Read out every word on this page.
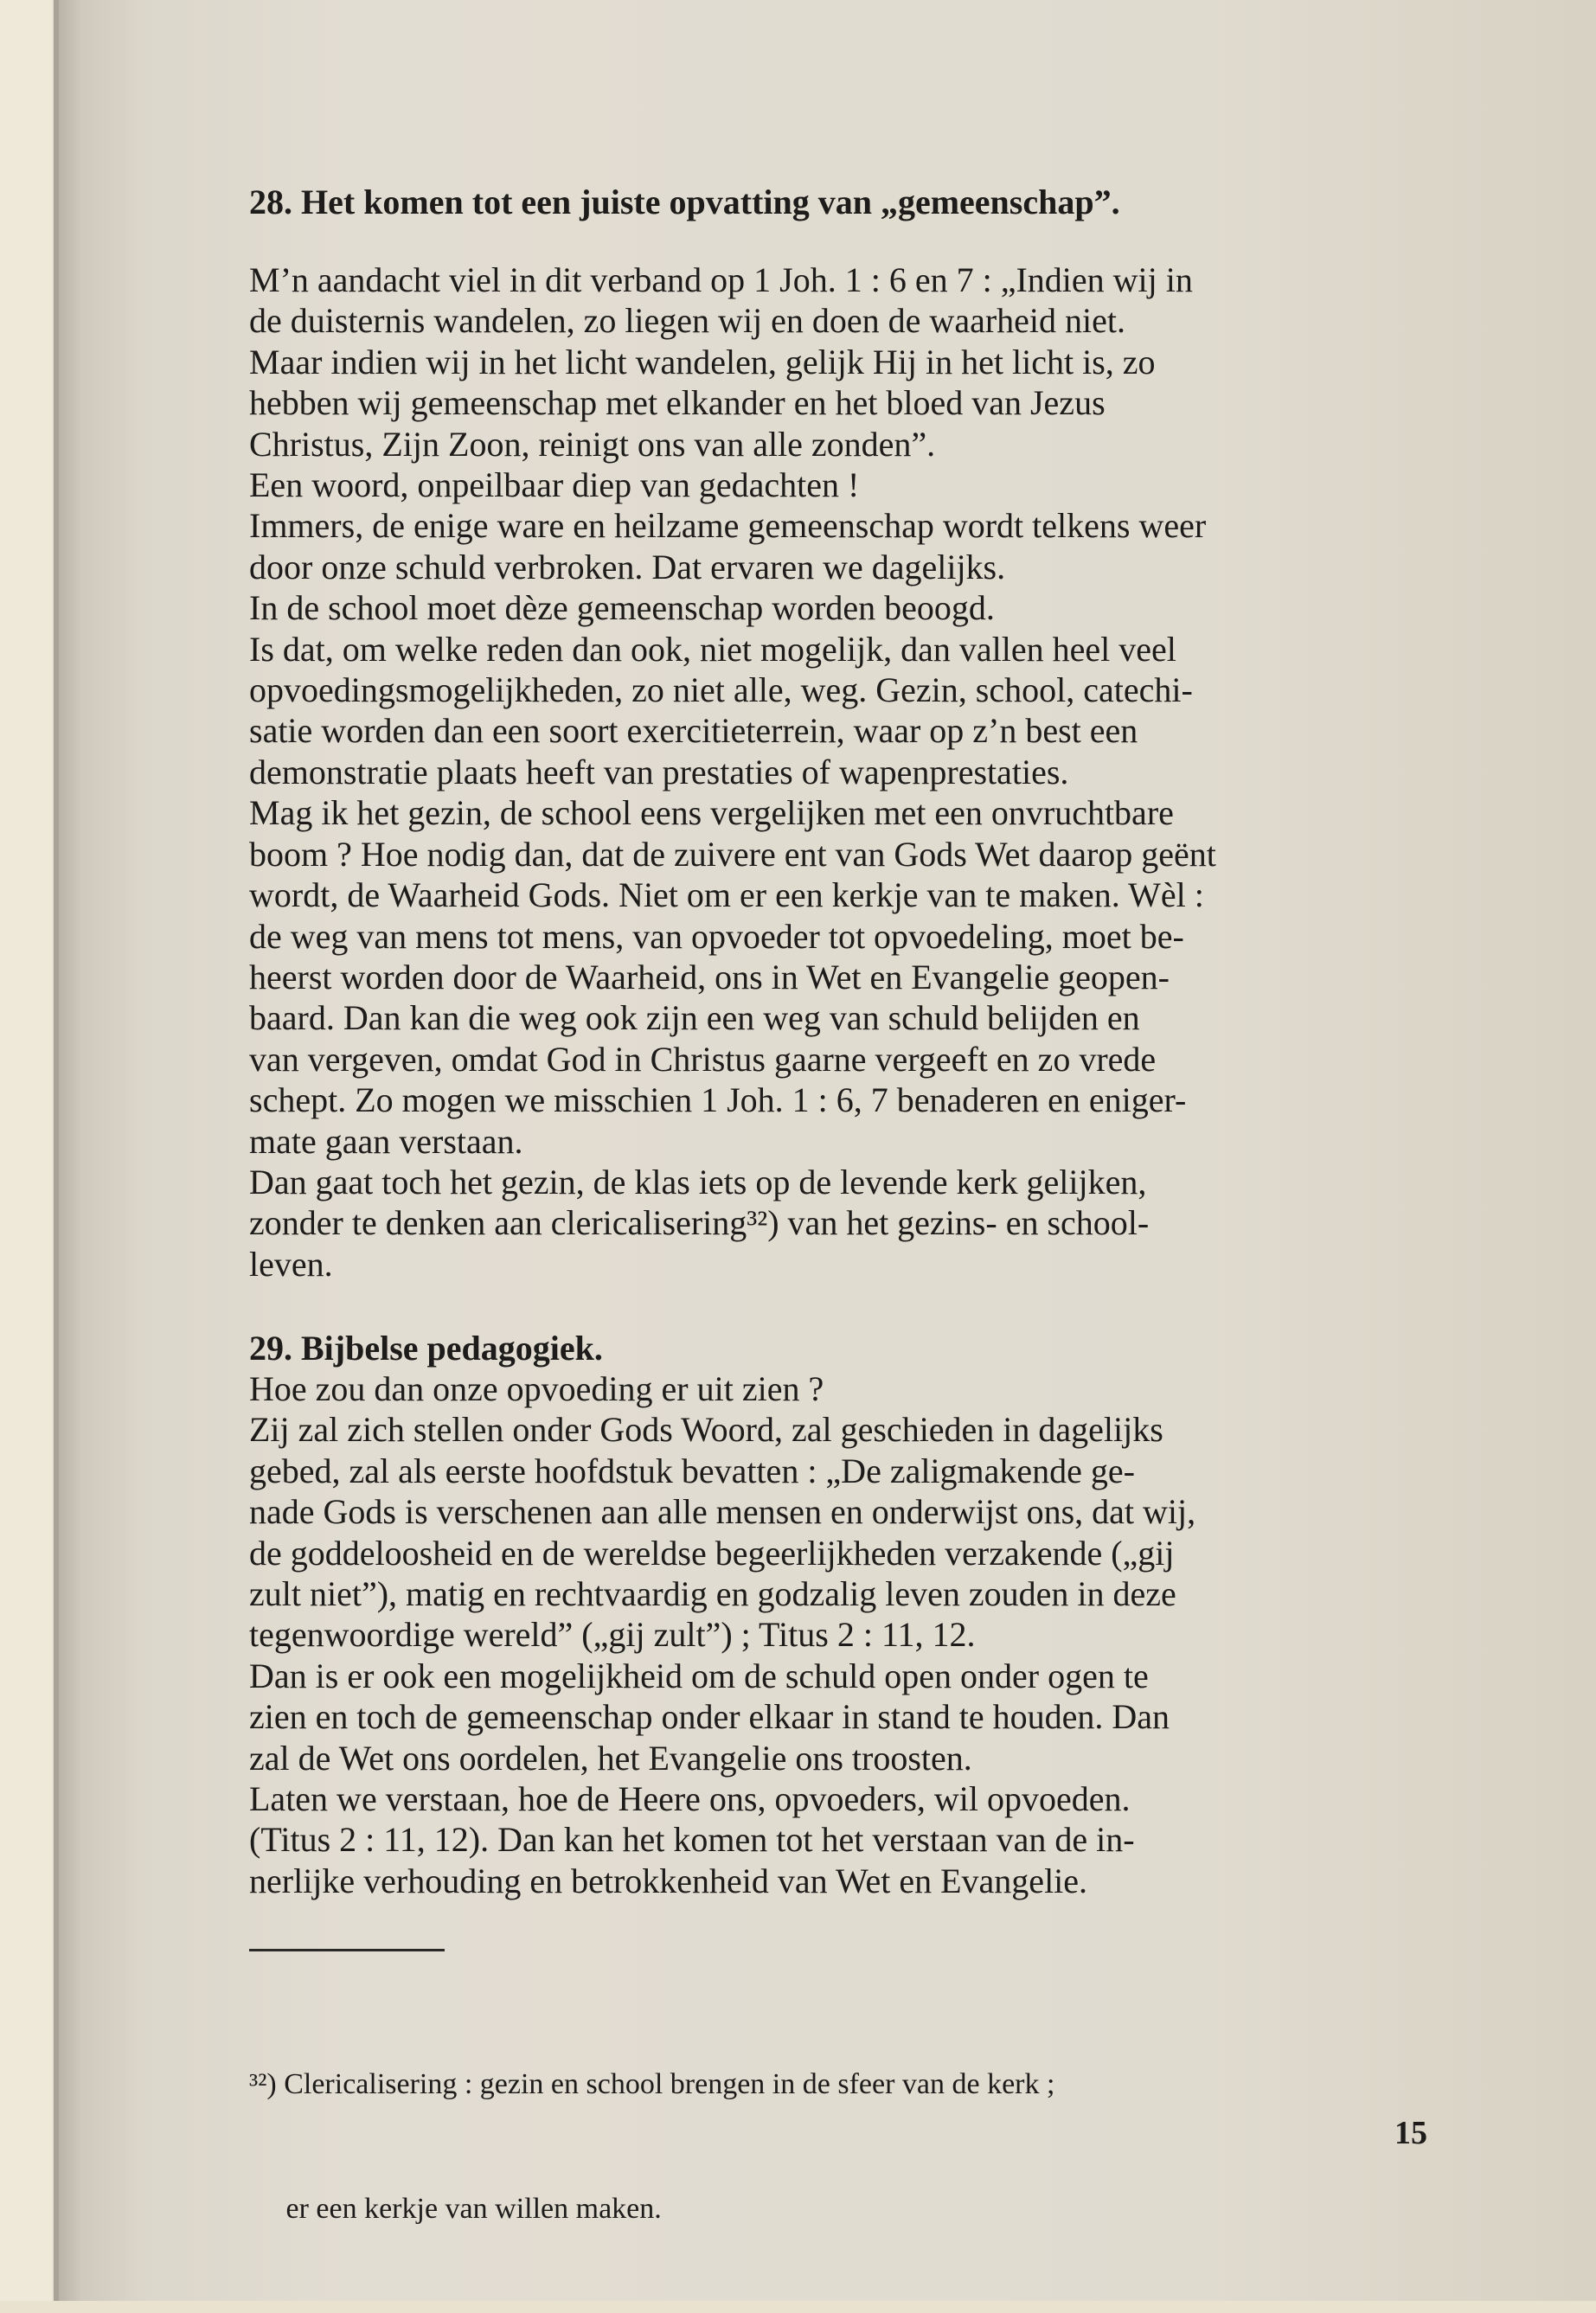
28. Het komen tot een juiste opvatting van „gemeenschap”.

M’n aandacht viel in dit verband op 1 Joh. 1 : 6 en 7 : „Indien wij in

de duisternis wandelen, zo liegen wij en doen de waarheid niet.

Maar indien wij in het licht wandelen, gelijk Hij in het licht is, zo

hebben wij gemeenschap met elkander en het bloed van Jezus

Christus, Zijn Zoon, reinigt ons van alle zonden”.

Een woord, onpeilbaar diep van gedachten !

Immers, de enige ware en heilzame gemeenschap wordt telkens weer

door onze schuld verbroken. Dat ervaren we dagelijks.

In de school moet dèze gemeenschap worden beoogd.

Is dat, om welke reden dan ook, niet mogelijk, dan vallen heel veel

opvoedingsmogelijkheden, zo niet alle, weg. Gezin, school, catechi-

satie worden dan een soort exercitieterrein, waar op z’n best een

demonstratie plaats heeft van prestaties of wapenprestaties.

Mag ik het gezin, de school eens vergelijken met een onvruchtbare

boom ? Hoe nodig dan, dat de zuivere ent van Gods Wet daarop geënt

wordt, de Waarheid Gods. Niet om er een kerkje van te maken. Wèl :

de weg van mens tot mens, van opvoeder tot opvoedeling, moet be-

heerst worden door de Waarheid, ons in Wet en Evangelie geopen-

baard. Dan kan die weg ook zijn een weg van schuld belijden en

van vergeven, omdat God in Christus gaarne vergeeft en zo vrede

schept. Zo mogen we misschien 1 Joh. 1 : 6, 7 benaderen en eniger-

mate gaan verstaan.

Dan gaat toch het gezin, de klas iets op de levende kerk gelijken,

zonder te denken aan clericalisering³²) van het gezins- en school-

leven.

29. Bijbelse pedagogiek.

Hoe zou dan onze opvoeding er uit zien ?

Zij zal zich stellen onder Gods Woord, zal geschieden in dagelijks

gebed, zal als eerste hoofdstuk bevatten : „De zaligmakende ge-

nade Gods is verschenen aan alle mensen en onderwijst ons, dat wij,

de goddeloosheid en de wereldse begeerlijkheden verzakende („gij

zult niet”), matig en rechtvaardig en godzalig leven zouden in deze

tegenwoordige wereld” („gij zult”) ; Titus 2 : 11, 12.

Dan is er ook een mogelijkheid om de schuld open onder ogen te

zien en toch de gemeenschap onder elkaar in stand te houden. Dan

zal de Wet ons oordelen, het Evangelie ons troosten.

Laten we verstaan, hoe de Heere ons, opvoeders, wil opvoeden.

(Titus 2 : 11, 12). Dan kan het komen tot het verstaan van de in-

nerlijke verhouding en betrokkenheid van Wet en Evangelie.

³²) Clericalisering : gezin en school brengen in de sfeer van de kerk ;

er een kerkje van willen maken.

15
